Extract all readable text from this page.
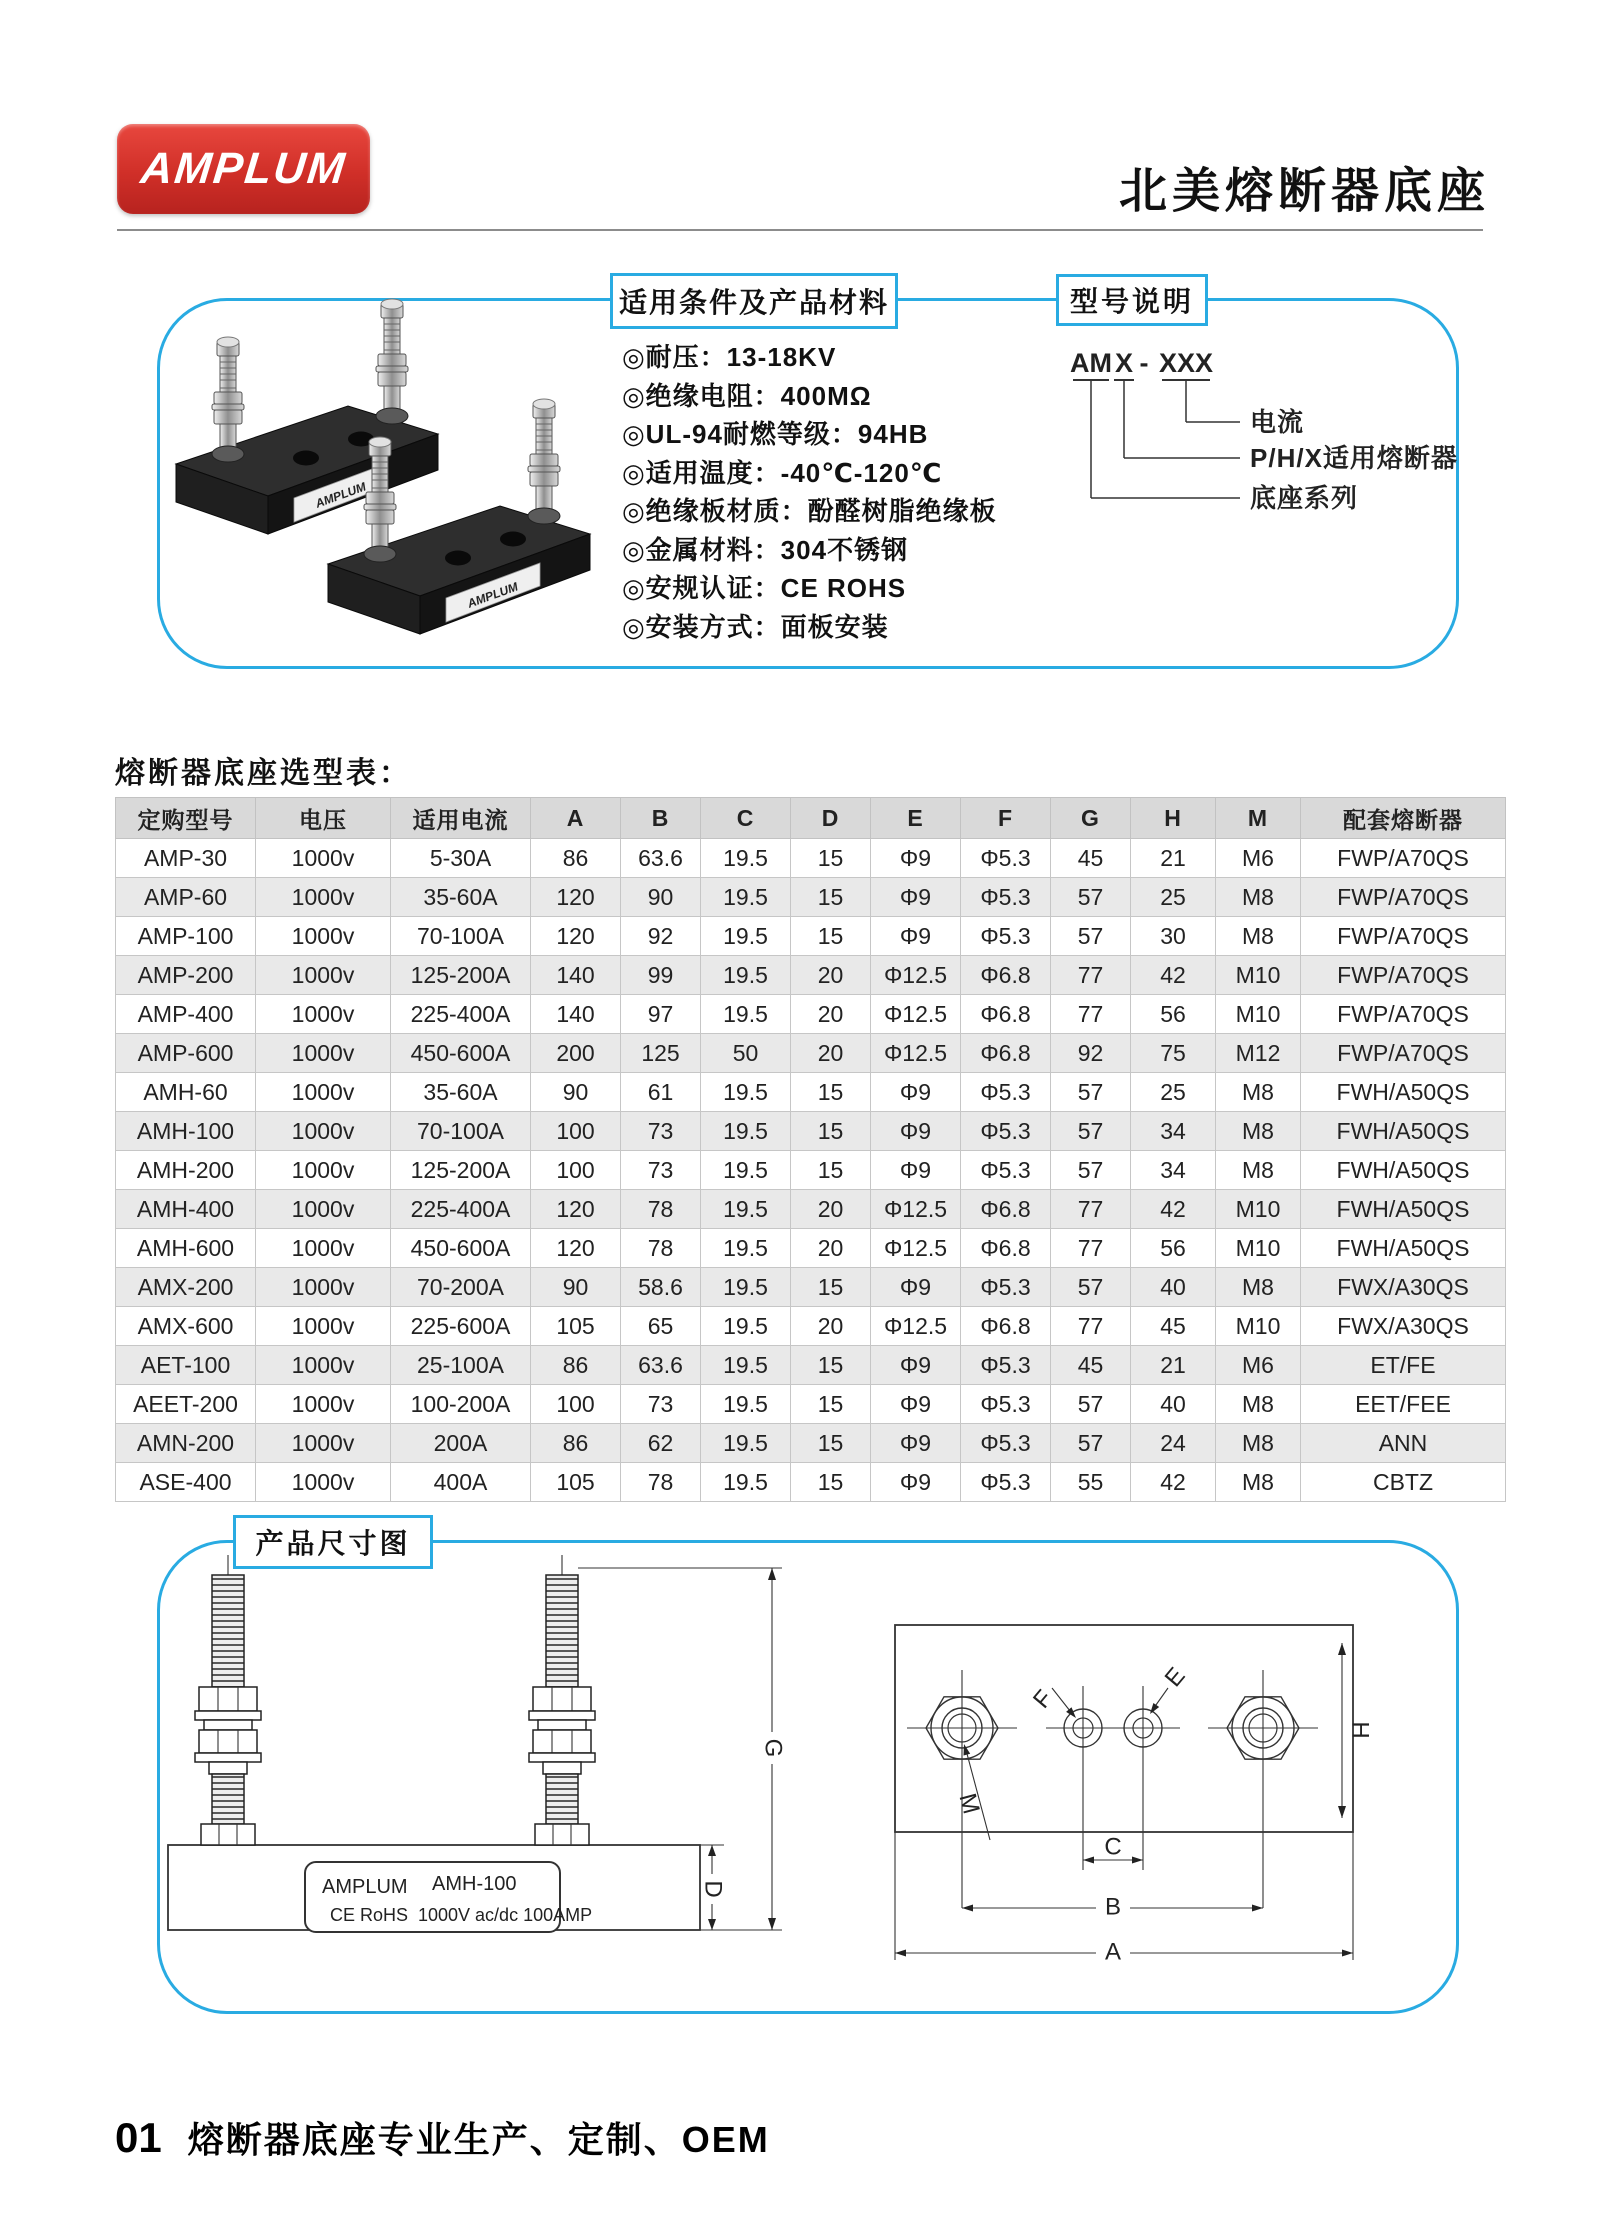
AMPLUM	北美熔断器底座
适用条件及产品材料	型号说明
◎耐压：13-18KV
◎绝缘电阻：400MΩ
◎UL-94耐燃等级：94HB
◎适用温度：-40℃-120℃
◎绝缘板材质：酚醛树脂绝缘板
◎金属材料：304不锈钢
◎安规认证：CE ROHS
◎安装方式：面板安装
AM X - XXX
电流
P/H/X适用熔断器
底座系列
熔断器底座选型表：
定购型号	电压	适用电流	A	B	C	D	E	F	G	H	M	配套熔断器
AMP-30	1000v	5-30A	86	63.6	19.5	15	Φ9	Φ5.3	45	21	M6	FWP/A70QS
AMP-60	1000v	35-60A	120	90	19.5	15	Φ9	Φ5.3	57	25	M8	FWP/A70QS
AMP-100	1000v	70-100A	120	92	19.5	15	Φ9	Φ5.3	57	30	M8	FWP/A70QS
AMP-200	1000v	125-200A	140	99	19.5	20	Φ12.5	Φ6.8	77	42	M10	FWP/A70QS
AMP-400	1000v	225-400A	140	97	19.5	20	Φ12.5	Φ6.8	77	56	M10	FWP/A70QS
AMP-600	1000v	450-600A	200	125	50	20	Φ12.5	Φ6.8	92	75	M12	FWP/A70QS
AMH-60	1000v	35-60A	90	61	19.5	15	Φ9	Φ5.3	57	25	M8	FWH/A50QS
AMH-100	1000v	70-100A	100	73	19.5	15	Φ9	Φ5.3	57	34	M8	FWH/A50QS
AMH-200	1000v	125-200A	100	73	19.5	15	Φ9	Φ5.3	57	34	M8	FWH/A50QS
AMH-400	1000v	225-400A	120	78	19.5	20	Φ12.5	Φ6.8	77	42	M10	FWH/A50QS
AMH-600	1000v	450-600A	120	78	19.5	20	Φ12.5	Φ6.8	77	56	M10	FWH/A50QS
AMX-200	1000v	70-200A	90	58.6	19.5	15	Φ9	Φ5.3	57	40	M8	FWX/A30QS
AMX-600	1000v	225-600A	105	65	19.5	20	Φ12.5	Φ6.8	77	45	M10	FWX/A30QS
AET-100	1000v	25-100A	86	63.6	19.5	15	Φ9	Φ5.3	45	21	M6	ET/FE
AEET-200	1000v	100-200A	100	73	19.5	15	Φ9	Φ5.3	57	40	M8	EET/FEE
AMN-200	1000v	200A	86	62	19.5	15	Φ9	Φ5.3	57	24	M8	ANN
ASE-400	1000v	400A	105	78	19.5	15	Φ9	Φ5.3	55	42	M8	CBTZ
产品尺寸图
AMPLUM AMH-100
CE RoHS 1000V ac/dc 100AMP
D
G
F
E
M
H
C
B
A
01 熔断器底座专业生产、定制、OEM
